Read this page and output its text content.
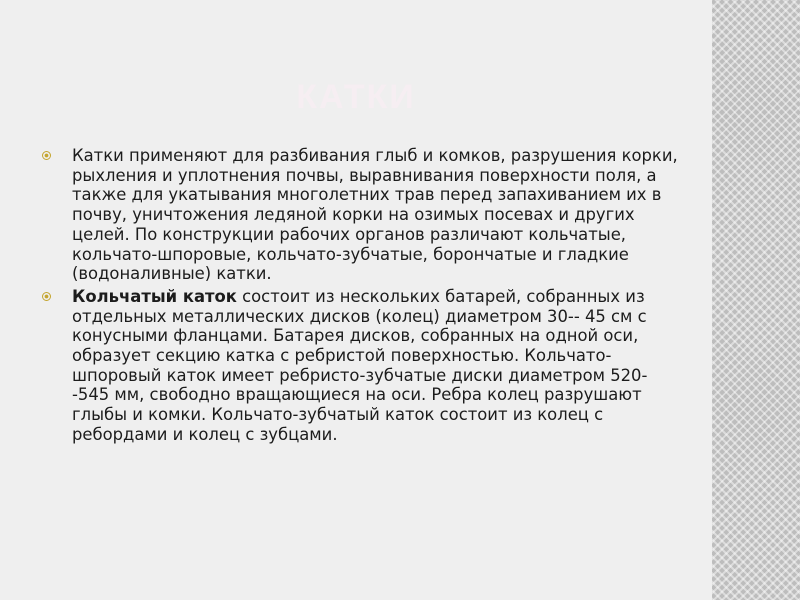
КАТКИ
Катки применяют для разбивания глыб и комков, разрушения корки, рыхления и уплотнения почвы, выравнивания поверхности поля, а также для укатывания многолетних трав перед запахиванием их в почву, уничтожения ледяной корки на озимых посевах и других целей. По конструкции рабочих органов различают кольчатые, кольчато-шпоровые, кольчато-зубчатые, борончатые и гладкие (водоналивные) катки.
Кольчатый каток состоит из нескольких батарей, собранных из отдельных металлических дисков (колец) диаметром 30-- 45 см с конусными фланцами. Батарея дисков, собранных на одной оси, образует секцию катка с ребристой поверхностью. Кольчато-шпоровый каток имеет ребристо-зубчатые диски диаметром 520--545 мм, свободно вращающиеся на оси. Ребра колец разрушают глыбы и комки. Кольчато-зубчатый каток состоит из колец с ребордами и колец с зубцами.
